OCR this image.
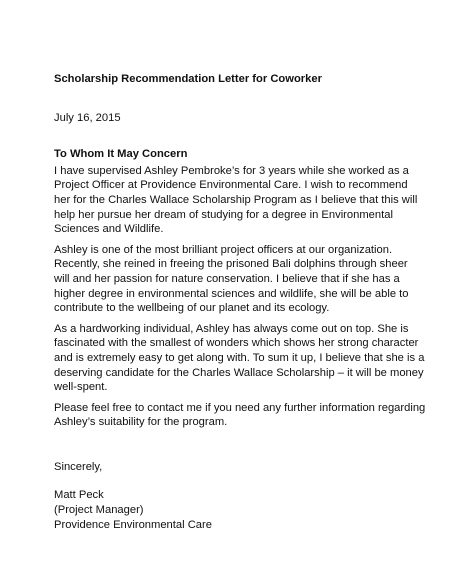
Scholarship Recommendation Letter for Coworker

July 16, 2015

To Whom It May Concern

I have supervised Ashley Pembroke’s for 3 years while she worked as a Project Officer at Providence Environmental Care. I wish to recommend her for the Charles Wallace Scholarship Program as I believe that this will help her pursue her dream of studying for a degree in Environmental Sciences and Wildlife.

Ashley is one of the most brilliant project officers at our organization. Recently, she reined in freeing the prisoned Bali dolphins through sheer will and her passion for nature conservation. I believe that if she has a higher degree in environmental sciences and wildlife, she will be able to contribute to the wellbeing of our planet and its ecology.

As a hardworking individual, Ashley has always come out on top. She is fascinated with the smallest of wonders which shows her strong character and is extremely easy to get along with. To sum it up, I believe that she is a deserving candidate for the Charles Wallace Scholarship – it will be money well-spent.

Please feel free to contact me if you need any further information regarding Ashley’s suitability for the program.

Sincerely,

Matt Peck
(Project Manager)
Providence Environmental Care
